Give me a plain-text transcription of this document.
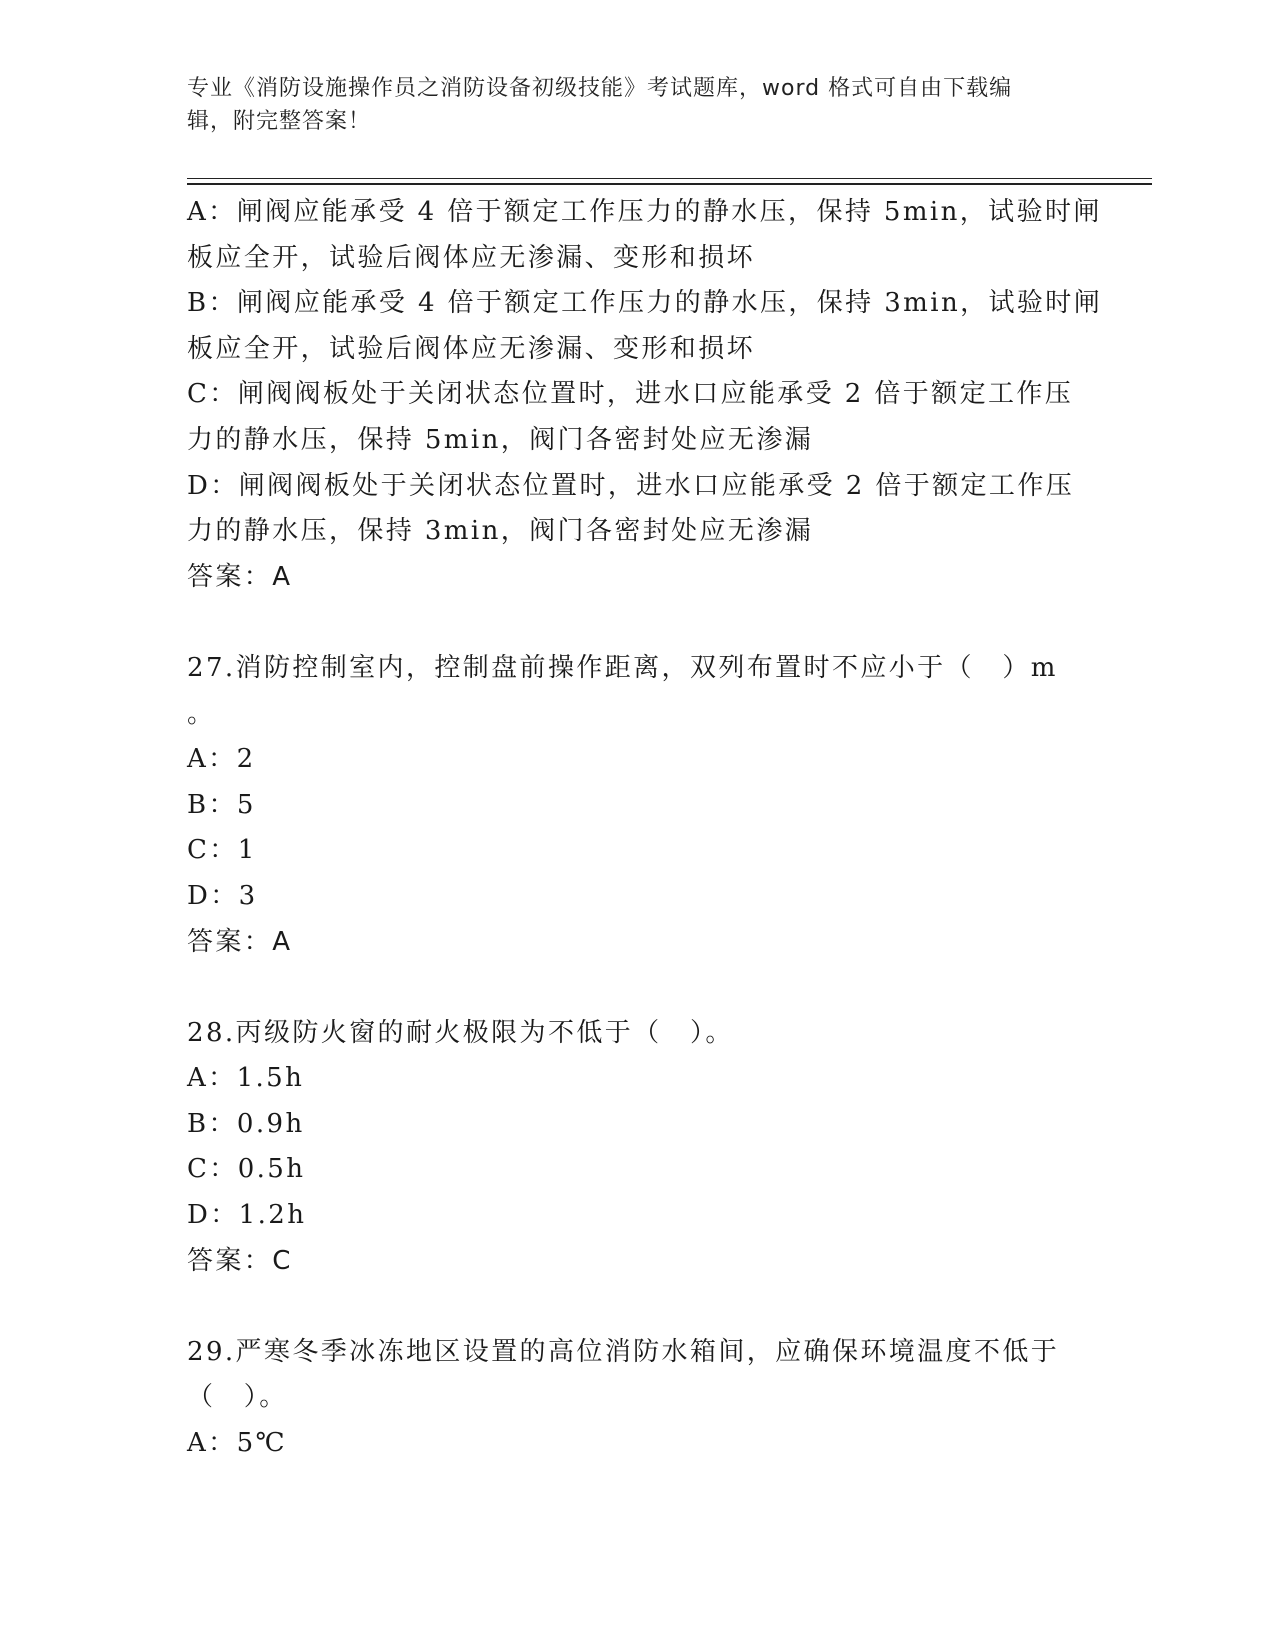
专业《消防设施操作员之消防设备初级技能》考试题库，word 格式可自由下载编
辑，附完整答案！
A：闸阀应能承受 4 倍于额定工作压力的静水压，保持 5min，试验时闸
板应全开，试验后阀体应无渗漏、变形和损坏
B：闸阀应能承受 4 倍于额定工作压力的静水压，保持 3min，试验时闸
板应全开，试验后阀体应无渗漏、变形和损坏
C：闸阀阀板处于关闭状态位置时，进水口应能承受 2 倍于额定工作压
力的静水压，保持 5min，阀门各密封处应无渗漏
D：闸阀阀板处于关闭状态位置时，进水口应能承受 2 倍于额定工作压
力的静水压，保持 3min，阀门各密封处应无渗漏
答案：A
27.消防控制室内，控制盘前操作距离，双列布置时不应小于（　）m
。
A：2
B：5
C：1
D：3
答案：A
28.丙级防火窗的耐火极限为不低于（　）。
A：1.5h
B：0.9h
C：0.5h
D：1.2h
答案：C
29.严寒冬季冰冻地区设置的高位消防水箱间，应确保环境温度不低于
（　）。
A：5℃
